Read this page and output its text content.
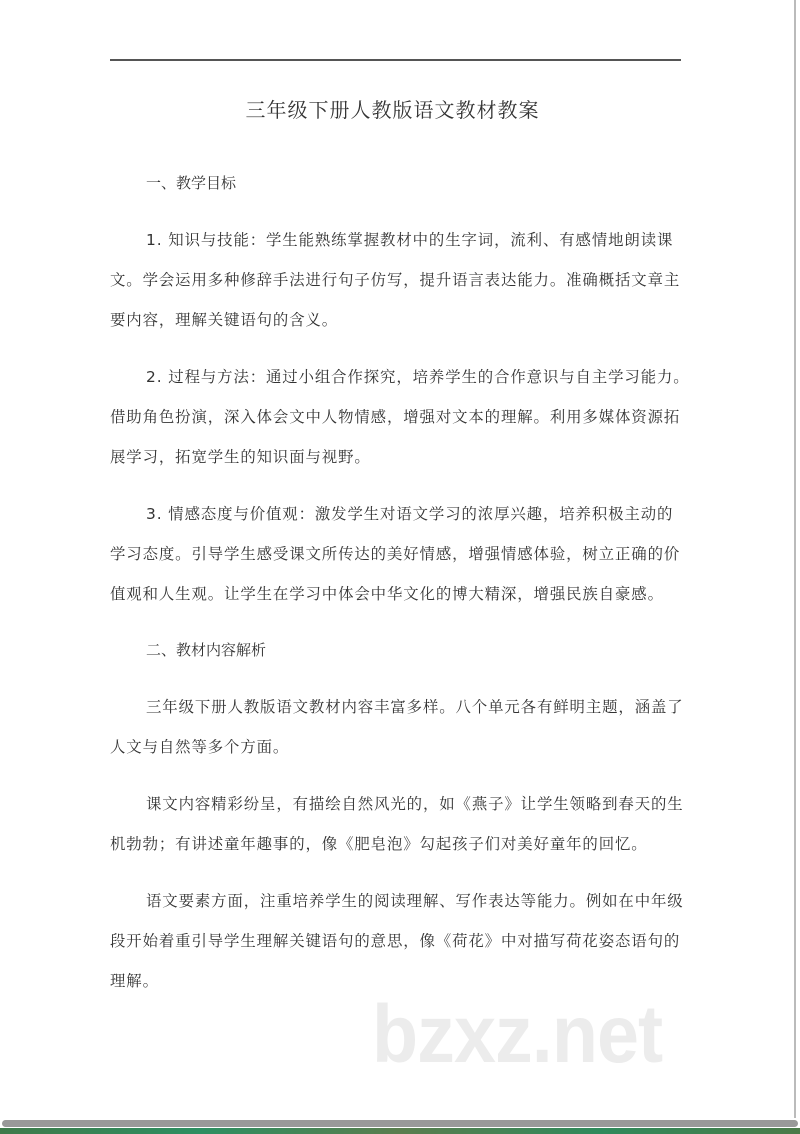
三年级下册人教版语文教材教案
一、教学目标
1. 知识与技能：学生能熟练掌握教材中的生字词，流利、有感情地朗读课
文。学会运用多种修辞手法进行句子仿写，提升语言表达能力。准确概括文章主
要内容，理解关键语句的含义。
2. 过程与方法：通过小组合作探究，培养学生的合作意识与自主学习能力。
借助角色扮演，深入体会文中人物情感，增强对文本的理解。利用多媒体资源拓
展学习，拓宽学生的知识面与视野。
3. 情感态度与价值观：激发学生对语文学习的浓厚兴趣，培养积极主动的
学习态度。引导学生感受课文所传达的美好情感，增强情感体验，树立正确的价
值观和人生观。让学生在学习中体会中华文化的博大精深，增强民族自豪感。
二、教材内容解析
三年级下册人教版语文教材内容丰富多样。八个单元各有鲜明主题，涵盖了
人文与自然等多个方面。
课文内容精彩纷呈，有描绘自然风光的，如《燕子》让学生领略到春天的生
机勃勃；有讲述童年趣事的，像《肥皂泡》勾起孩子们对美好童年的回忆。
语文要素方面，注重培养学生的阅读理解、写作表达等能力。例如在中年级
段开始着重引导学生理解关键语句的意思，像《荷花》中对描写荷花姿态语句的
理解。
bzxz.net
